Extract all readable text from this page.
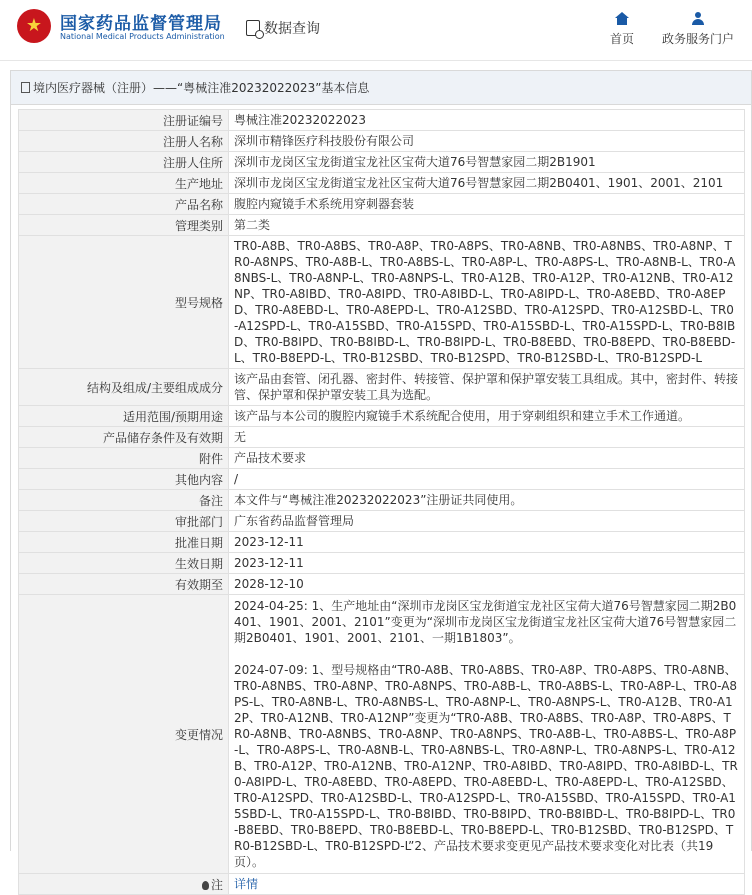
★	国家药品监督管理局
National Medical Products Administration	数据查询
首页 政务服务门户
境内医疗器械（注册）——“粤械注准20232022023”基本信息
注册证编号	粤械注准20232022023
注册人名称	深圳市精锋医疗科技股份有限公司
注册人住所	深圳市龙岗区宝龙街道宝龙社区宝荷大道76号智慧家园二期2B1901
生产地址	深圳市龙岗区宝龙街道宝龙社区宝荷大道76号智慧家园二期2B0401、1901、2001、2101
产品名称	腹腔内窥镜手术系统用穿刺器套装
管理类别	第二类
型号规格	TR0-A8B、TR0-A8BS、TR0-A8P、TR0-A8PS、TR0-A8NB、TR0-A8NBS、TR0-A8NP、TR0-A8NPS、TR0-A8B-L、TR0-A8BS-L、TR0-A8P-L、TR0-A8PS-L、TR0-A8NB-L、TR0-A8NBS-L、TR0-A8NP-L、TR0-A8NPS-L、TR0-A12B、TR0-A12P、TR0-A12NB、TR0-A12NP、TR0-A8IBD、TR0-A8IPD、TR0-A8IBD-L、TR0-A8IPD-L、TR0-A8EBD、TR0-A8EPD、TR0-A8EBD-L、TR0-A8EPD-L、TR0-A12SBD、TR0-A12SPD、TR0-A12SBD-L、TR0-A12SPD-L、TR0-A15SBD、TR0-A15SPD、TR0-A15SBD-L、TR0-A15SPD-L、TR0-B8IBD、TR0-B8IPD、TR0-B8IBD-L、TR0-B8IPD-L、TR0-B8EBD、TR0-B8EPD、TR0-B8EBD-L、TR0-B8EPD-L、TR0-B12SBD、TR0-B12SPD、TR0-B12SBD-L、TR0-B12SPD-L
结构及组成/主要组成成分	该产品由套管、闭孔器、密封件、转接管、保护罩和保护罩安装工具组成。其中，密封件、转接管、保护罩和保护罩安装工具为选配。
适用范围/预期用途	该产品与本公司的腹腔内窥镜手术系统配合使用，用于穿刺组织和建立手术工作通道。
产品储存条件及有效期	无
附件	产品技术要求
其他内容	/
备注	本文件与“粤械注准20232022023”注册证共同使用。
审批部门	广东省药品监督管理局
批准日期	2023-12-11
生效日期	2023-12-11
有效期至	2028-12-10
变更情况	2024-04-25: 1、生产地址由“深圳市龙岗区宝龙街道宝龙社区宝荷大道76号智慧家园二期2B0401、1901、2001、2101”变更为“深圳市龙岗区宝龙街道宝龙社区宝荷大道76号智慧家园二期2B0401、1901、2001、2101、一期1B1803”。

2024-07-09: 1、型号规格由“TR0-A8B、TR0-A8BS、TR0-A8P、TR0-A8PS、TR0-A8NB、TR0-A8NBS、TR0-A8NP、TR0-A8NPS、TR0-A8B-L、TR0-A8BS-L、TR0-A8P-L、TR0-A8PS-L、TR0-A8NB-L、TR0-A8NBS-L、TR0-A8NP-L、TR0-A8NPS-L、TR0-A12B、TR0-A12P、TR0-A12NB、TR0-A12NP”变更为“TR0-A8B、TR0-A8BS、TR0-A8P、TR0-A8PS、TR0-A8NB、TR0-A8NBS、TR0-A8NP、TR0-A8NPS、TR0-A8B-L、TR0-A8BS-L、TR0-A8P-L、TR0-A8PS-L、TR0-A8NB-L、TR0-A8NBS-L、TR0-A8NP-L、TR0-A8NPS-L、TR0-A12B、TR0-A12P、TR0-A12NB、TR0-A12NP、TR0-A8IBD、TR0-A8IPD、TR0-A8IBD-L、TR0-A8IPD-L、TR0-A8EBD、TR0-A8EPD、TR0-A8EBD-L、TR0-A8EPD-L、TR0-A12SBD、TR0-A12SPD、TR0-A12SBD-L、TR0-A12SPD-L、TR0-A15SBD、TR0-A15SPD、TR0-A15SBD-L、TR0-A15SPD-L、TR0-B8IBD、TR0-B8IPD、TR0-B8IBD-L、TR0-B8IPD-L、TR0-B8EBD、TR0-B8EPD、TR0-B8EBD-L、TR0-B8EPD-L、TR0-B12SBD、TR0-B12SPD、TR0-B12SBD-L、TR0-B12SPD-L”2、产品技术要求变更见产品技术要求变化对比表（共19页）。

注	详情
